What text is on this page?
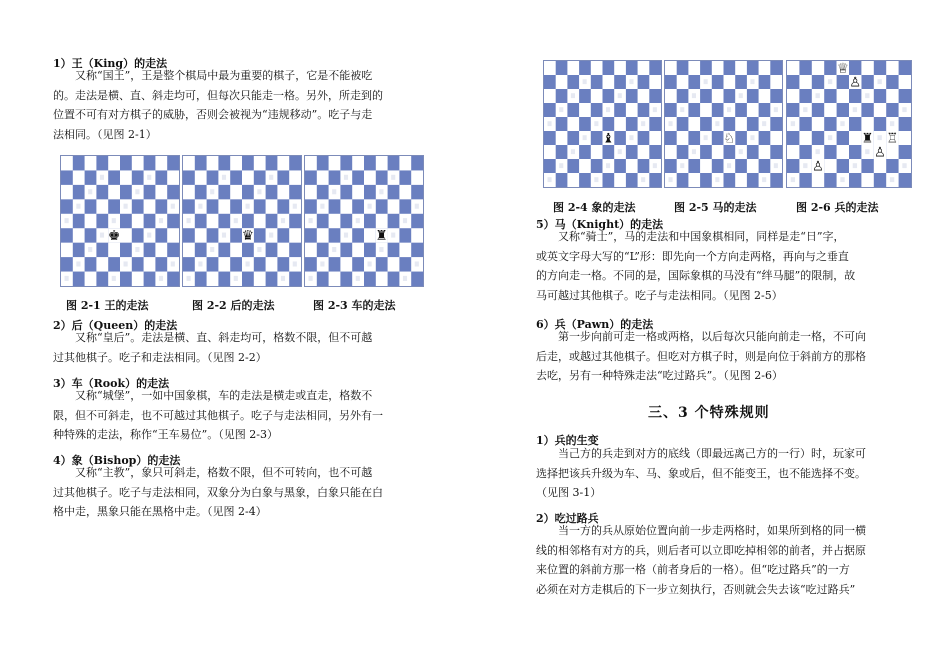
1）王（King）的走法
又称“国王”，王是整个棋局中最为重要的棋子，它是不能被吃
的。走法是横、直、斜走均可，但每次只能走一格。另外，所走到的
位置不可有对方棋子的威胁，否则会被视为“违规移动”。吃子与走
法相同。（见图 2-1）
♚	♛	♜
图 2-1 王的走法	图 2-2 后的走法	图 2-3 车的走法
2）后（Queen）的走法
又称“皇后”。走法是横、直、斜走均可，格数不限，但不可越
过其他棋子。吃子和走法相同。（见图 2-2）
3）车（Rook）的走法
又称“城堡”，一如中国象棋，车的走法是横走或直走，格数不
限，但不可斜走，也不可越过其他棋子。吃子与走法相同，另外有一
种特殊的走法，称作“王车易位”。（见图 2-3）
4）象（Bishop）的走法
又称“主教”，象只可斜走，格数不限，但不可转向，也不可越
过其他棋子。吃子与走法相同，双象分为白象与黑象，白象只能在白
格中走，黑象只能在黑格中走。（见图 2-4）
♝	♘
♕
♙
♜ ♖
♙
♙
图 2-4 象的走法	图 2-5 马的走法	图 2-6 兵的走法
5）马（Knight）的走法
又称“骑士”，马的走法和中国象棋相同，同样是走“日”字，
或英文字母大写的“L”形：即先向一个方向走两格，再向与之垂直
的方向走一格。不同的是，国际象棋的马没有“绊马腿”的限制，故
马可越过其他棋子。吃子与走法相同。（见图 2-5）
6）兵（Pawn）的走法
第一步向前可走一格或两格，以后每次只能向前走一格，不可向
后走，或越过其他棋子。但吃对方棋子时，则是向位于斜前方的那格
去吃，另有一种特殊走法“吃过路兵”。（见图 2-6）
三、3 个特殊规则
1）兵的生变
当己方的兵走到对方的底线（即最远离己方的一行）时，玩家可
选择把该兵升级为车、马、象或后，但不能变王，也不能选择不变。
（见图 3-1）
2）吃过路兵
当一方的兵从原始位置向前一步走两格时，如果所到格的同一横
线的相邻格有对方的兵，则后者可以立即吃掉相邻的前者，并占据原
来位置的斜前方那一格（前者身后的一格）。但“吃过路兵”的一方
必须在对方走棋后的下一步立刻执行，否则就会失去该“吃过路兵”
